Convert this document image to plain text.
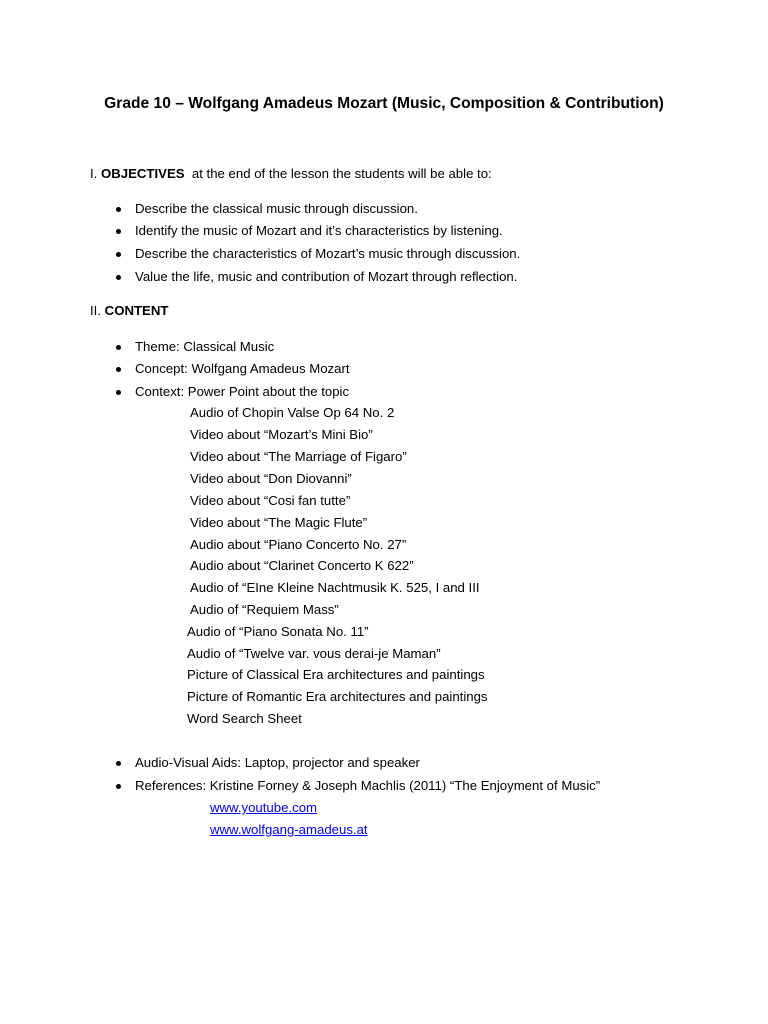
Grade 10 – Wolfgang Amadeus Mozart (Music, Composition & Contribution)
I. OBJECTIVES at the end of the lesson the students will be able to:
Describe the classical music through discussion.
Identify the music of Mozart and it’s characteristics by listening.
Describe the characteristics of Mozart’s music through discussion.
Value the life, music and contribution of Mozart through reflection.
II. CONTENT
Theme: Classical Music
Concept: Wolfgang Amadeus Mozart
Context: Power Point about the topic
Audio of Chopin Valse Op 64 No. 2
Video about “Mozart’s Mini Bio”
Video about “The Marriage of Figaro”
Video about “Don Diovanni”
Video about “Cosi fan tutte”
Video about “The Magic Flute”
Audio about “Piano Concerto No. 27”
Audio about “Clarinet Concerto K 622”
Audio of “EIne Kleine Nachtmusik K. 525, I and III
Audio of “Requiem Mass”
Audio of “Piano Sonata No. 11”
Audio of “Twelve var. vous derai-je Maman”
Picture of Classical Era architectures and paintings
Picture of Romantic Era architectures and paintings
Word Search Sheet
Audio-Visual Aids: Laptop, projector and speaker
References: Kristine Forney & Joseph Machlis (2011) “The Enjoyment of Music”
www.youtube.com
www.wolfgang-amadeus.at
